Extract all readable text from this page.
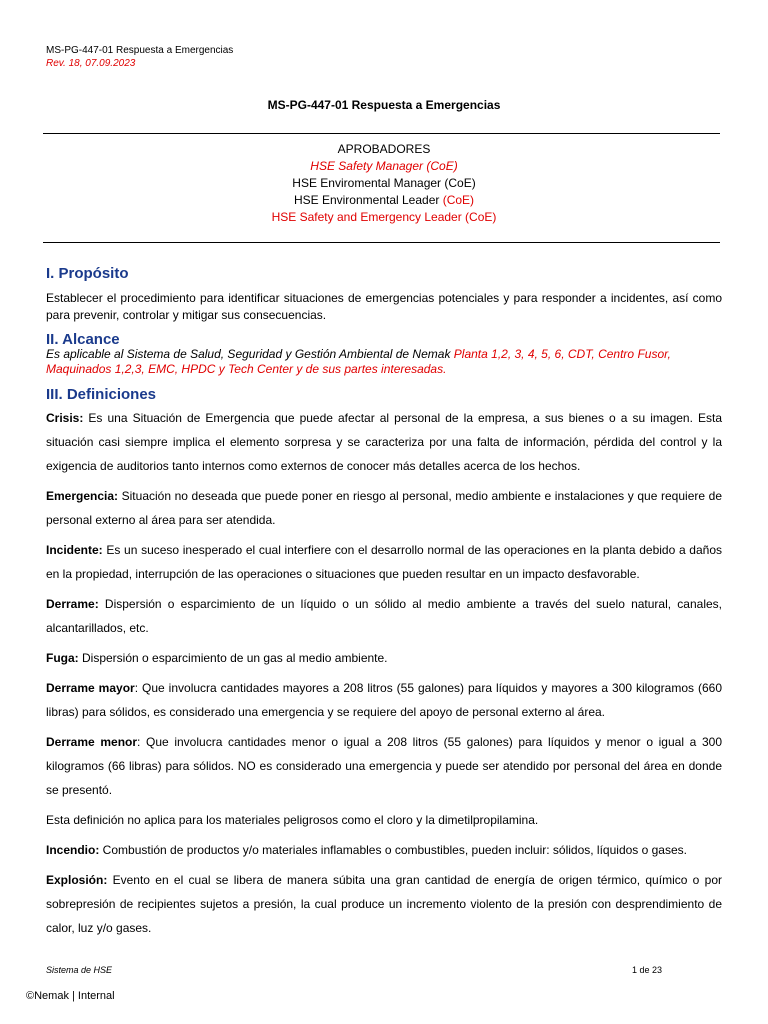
MS-PG-447-01 Respuesta a Emergencias
Rev. 18, 07.09.2023
MS-PG-447-01 Respuesta a Emergencias
APROBADORES
HSE Safety Manager (CoE)
HSE Enviromental Manager (CoE)
HSE Environmental Leader (CoE)
HSE Safety and Emergency Leader (CoE)
I. Propósito
Establecer el procedimiento para identificar situaciones de emergencias potenciales y para responder a incidentes, así como para prevenir, controlar y mitigar sus consecuencias.
II. Alcance
Es aplicable al Sistema de Salud, Seguridad y Gestión Ambiental de Nemak Planta 1,2, 3, 4, 5, 6, CDT, Centro Fusor, Maquinados 1,2,3, EMC, HPDC y Tech Center y de sus partes interesadas.
III. Definiciones

Crisis: Es una Situación de Emergencia que puede afectar al personal de la empresa, a sus bienes o a su imagen. Esta situación casi siempre implica el elemento sorpresa y se caracteriza por una falta de información, pérdida del control y la exigencia de auditorios tanto internos como externos de conocer más detalles acerca de los hechos.

Emergencia: Situación no deseada que puede poner en riesgo al personal, medio ambiente e instalaciones y que requiere de personal externo al área para ser atendida.

Incidente: Es un suceso inesperado el cual interfiere con el desarrollo normal de las operaciones en la planta debido a daños en la propiedad, interrupción de las operaciones o situaciones que pueden resultar en un impacto desfavorable.

Derrame: Dispersión o esparcimiento de un líquido o un sólido al medio ambiente a través del suelo natural, canales, alcantarillados, etc.

Fuga: Dispersión o esparcimiento de un gas al medio ambiente.

Derrame mayor: Que involucra cantidades mayores a 208 litros (55 galones) para líquidos y mayores a 300 kilogramos (660 libras) para sólidos, es considerado una emergencia y se requiere del apoyo de personal externo al área.

Derrame menor: Que involucra cantidades menor o igual a 208 litros (55 galones) para líquidos y menor o igual a 300 kilogramos (66 libras) para sólidos. NO es considerado una emergencia y puede ser atendido por personal del área en donde se presentó.

Esta definición no aplica para los materiales peligrosos como el cloro y la dimetilpropilamina.

Incendio: Combustión de productos y/o materiales inflamables o combustibles, pueden incluir: sólidos, líquidos o gases.

Explosión: Evento en el cual se libera de manera súbita una gran cantidad de energía de origen térmico, químico o por sobrepresión de recipientes sujetos a presión, la cual produce un incremento violento de la presión con desprendimiento de calor, luz y/o gases.

Sistema de HSE	1 de 23
©Nemak | Internal
